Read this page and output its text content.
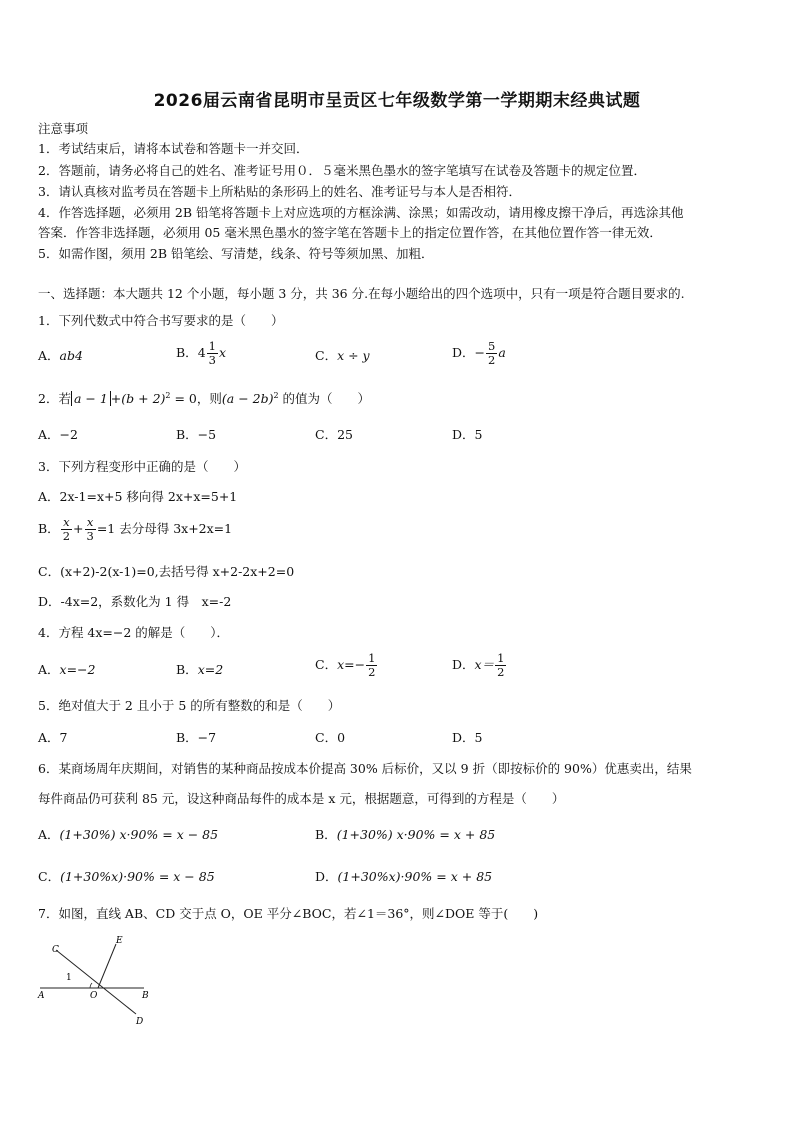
2026届云南省昆明市呈贡区七年级数学第一学期期末经典试题
注意事项
1．考试结束后，请将本试卷和答题卡一并交回．
2．答题前，请务必将自己的姓名、准考证号用０．５毫米黑色墨水的签字笔填写在试卷及答题卡的规定位置．
3．请认真核对监考员在答题卡上所粘贴的条形码上的姓名、准考证号与本人是否相符．
4．作答选择题，必须用 2B 铅笔将答题卡上对应选项的方框涂满、涂黑；如需改动，请用橡皮擦干净后，再选涂其他
答案．作答非选择题，必须用 05 毫米黑色墨水的签字笔在答题卡上的指定位置作答，在其他位置作答一律无效．
5．如需作图，须用 2B 铅笔绘、写清楚，线条、符号等须加黑、加粗．
一、选择题：本大题共 12 个小题，每小题 3 分，共 36 分.在每小题给出的四个选项中，只有一项是符合题目要求的.
1．下列代数式中符合书写要求的是（　　）
A．ab4	B．$4 \frac{1}{3}$ x	C．x ÷ y	D．− $\frac{5}{2}$ a
2．若 $a - 1 +(b + 2)^2 = 0$，则$(a - 2b)^2$ 的值为（　　）
A．−2	B．−5	C．25	D．5
3．下列方程变形中正确的是（　　）
A．2x-1=x+5 移向得 2x+x=5+1
B． $\frac{x}{2} + \frac{x}{3} =1$ 去分母得 3x+2x=1
C．(x+2)-2(x-1)=0,去括号得 x+2-2x+2=0
D．-4x=2，系数化为 1 得　x=-2
4．方程 4x=−2 的解是（　　）．
A．x=−2	B．x=2	C．$x=- \frac{1}{2}$	D．$x= \frac{1}{2}$
5．绝对值大于 2 且小于 5 的所有整数的和是（　　）
A．7	B．−7	C．0	D．5
6．某商场周年庆期间，对销售的某种商品按成本价提高 30% 后标价，又以 9 折（即按标价的 90%）优惠卖出，结果
每件商品仍可获利 85 元，设这种商品每件的成本是 x 元，根据题意，可得到的方程是（　　）
A．(1+30%) x·90% = x − 85	B．(1+30%) x·90% = x + 85
C．(1+30%x)·90% = x − 85	D．(1+30%x)·90% = x + 85
7．如图，直线 AB、CD 交于点 O，OE 平分∠BOC，若∠1＝36°，则∠DOE 等于(　　)
C
E
1
A	O	B
D
